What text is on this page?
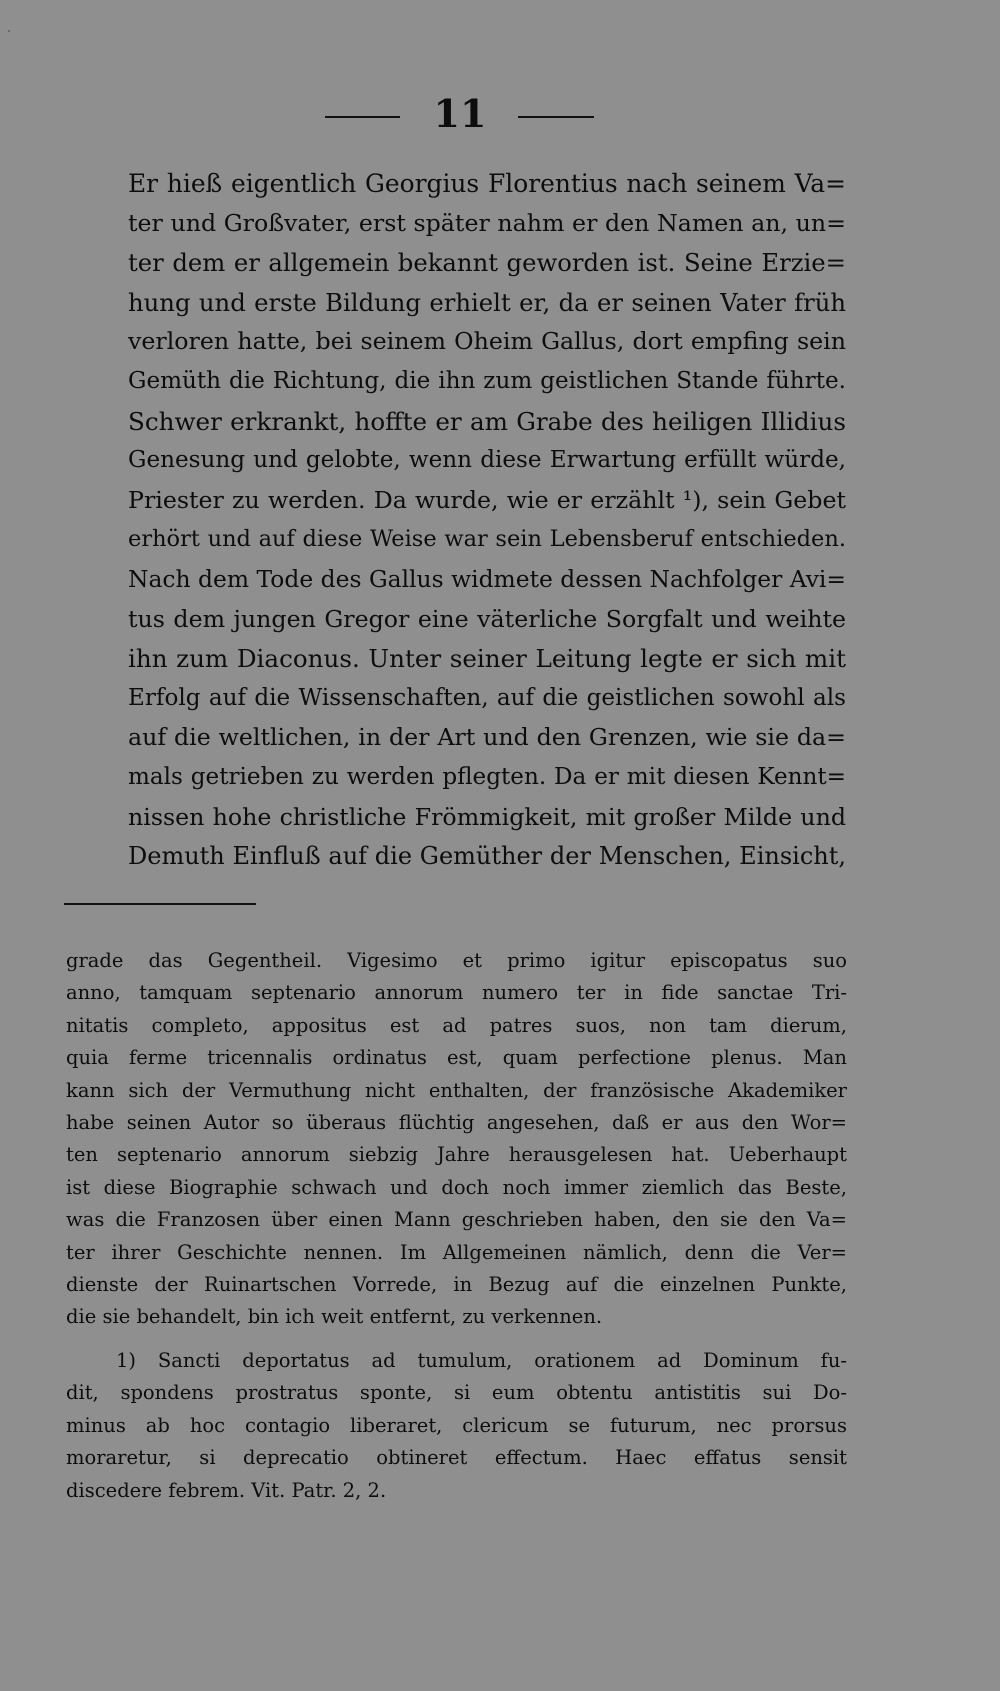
11
Er hieß eigentlich Georgius Florentius nach seinem Va=
ter und Großvater, erst später nahm er den Namen an, un=
ter dem er allgemein bekannt geworden ist. Seine Erzie=
hung und erste Bildung erhielt er, da er seinen Vater früh
verloren hatte, bei seinem Oheim Gallus, dort empfing sein
Gemüth die Richtung, die ihn zum geistlichen Stande führte.
Schwer erkrankt, hoffte er am Grabe des heiligen Illidius
Genesung und gelobte, wenn diese Erwartung erfüllt würde,
Priester zu werden. Da wurde, wie er erzählt ¹), sein Gebet
erhört und auf diese Weise war sein Lebensberuf entschieden.
Nach dem Tode des Gallus widmete dessen Nachfolger Avi=
tus dem jungen Gregor eine väterliche Sorgfalt und weihte
ihn zum Diaconus. Unter seiner Leitung legte er sich mit
Erfolg auf die Wissenschaften, auf die geistlichen sowohl als
auf die weltlichen, in der Art und den Grenzen, wie sie da=
mals getrieben zu werden pflegten. Da er mit diesen Kennt=
nissen hohe christliche Frömmigkeit, mit großer Milde und
Demuth Einfluß auf die Gemüther der Menschen, Einsicht,
grade das Gegentheil. Vigesimo et primo igitur episcopatus suo
anno, tamquam septenario annorum numero ter in fide sanctae Tri-
nitatis completo, appositus est ad patres suos, non tam dierum,
quia ferme tricennalis ordinatus est, quam perfectione plenus. Man
kann sich der Vermuthung nicht enthalten, der französische Akademiker
habe seinen Autor so überaus flüchtig angesehen, daß er aus den Wor=
ten septenario annorum siebzig Jahre herausgelesen hat. Ueberhaupt
ist diese Biographie schwach und doch noch immer ziemlich das Beste,
was die Franzosen über einen Mann geschrieben haben, den sie den Va=
ter ihrer Geschichte nennen. Im Allgemeinen nämlich, denn die Ver=
dienste der Ruinartschen Vorrede, in Bezug auf die einzelnen Punkte,
die sie behandelt, bin ich weit entfernt, zu verkennen.
1) Sancti deportatus ad tumulum, orationem ad Dominum fu-
dit, spondens prostratus sponte, si eum obtentu antistitis sui Do-
minus ab hoc contagio liberaret, clericum se futurum, nec prorsus
moraretur, si deprecatio obtineret effectum. Haec effatus sensit
discedere febrem. Vit. Patr. 2, 2.
